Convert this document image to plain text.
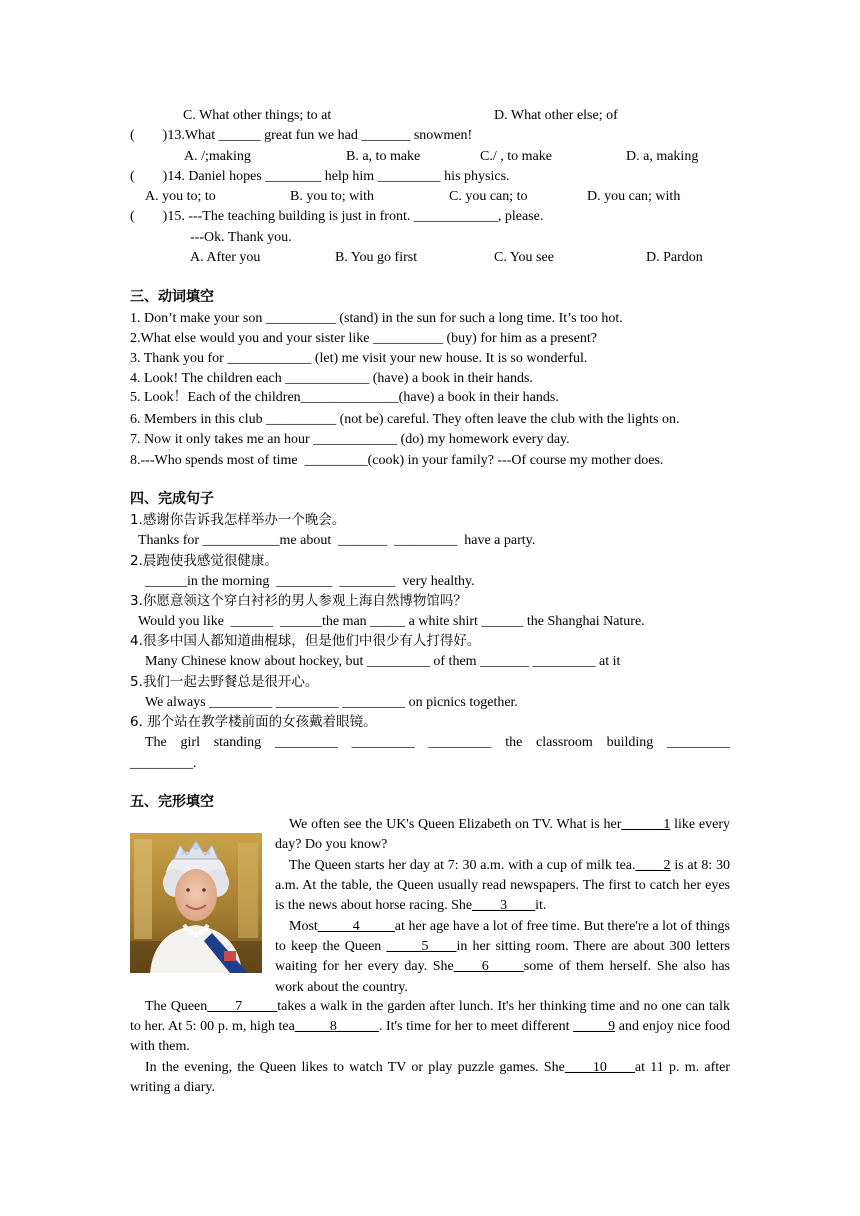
C. What other things; to at	D. What other else; of
(        )13.What ______ great fun we had _______ snowmen!
A. /;making	B. a, to make	C./ , to make	D. a, making
(        )14. Daniel hopes ________ help him _________ his physics.
A. you to; to	B. you to; with	C. you can; to	D. you can; with
(        )15. ---The teaching building is just in front. ____________, please.
---Ok. Thank you.
A. After you	B. You go first	C. You see	D. Pardon
三、动词填空
1. Don’t make your son __________ (stand) in the sun for such a long time. It’s too hot.
2.What else would you and your sister like __________ (buy) for him as a present?
3. Thank you for ____________ (let) me visit your new house. It is so wonderful.
4. Look! The children each ____________ (have) a book in their hands.
5. Look！Each of the children______________(have) a book in their hands.
6. Members in this club __________ (not be) careful. They often leave the club with the lights on.
7. Now it only takes me an hour ____________ (do) my homework every day.
8.---Who spends most of time  _________(cook) in your family? ---Of course my mother does.
四、完成句子
1.感谢你告诉我怎样举办一个晚会。
Thanks for ___________me about  _______  _________  have a party.
2.晨跑使我感觉很健康。
______in the morning  ________  ________  very healthy.
3.你愿意领这个穿白衬衫的男人参观上海自然博物馆吗？
Would you like  ______  ______the man _____ a white shirt ______ the Shanghai Nature.
4.很多中国人都知道曲棍球，但是他们中很少有人打得好。
Many Chinese know about hockey, but _________ of them _______ _________ at it
5.我们一起去野餐总是很开心。
We always _________ _________ _________ on picnics together.
6. 那个站在教学楼前面的女孩戴着眼镜。
The girl standing _________ _________ _________ the classroom building _________
_________.
五、完形填空
We often see the UK's Queen Elizabeth on TV. What is her______1 like every day? Do you know?
The Queen starts her day at 7: 30 a.m. with a cup of milk tea.____2 is at 8: 30 a.m. At the table, the Queen usually read newspapers. The first to catch her eyes is the news about horse racing. She____3____it.
Most_____4_____at her age have a lot of free time. But there're a lot of things to keep the Queen _____5____in her sitting room. There are about 300 letters waiting for her every day. She____6_____some of them herself. She also has work about the country.
The Queen____7_____takes a walk in the garden after lunch. It's her thinking time and no one can talk to her. At 5: 00 p. m, high tea_____8______. It's time for her to meet different _____9 and enjoy nice food with them.
In the evening, the Queen likes to watch TV or play puzzle games. She____10____at 11 p. m. after writing a diary.
